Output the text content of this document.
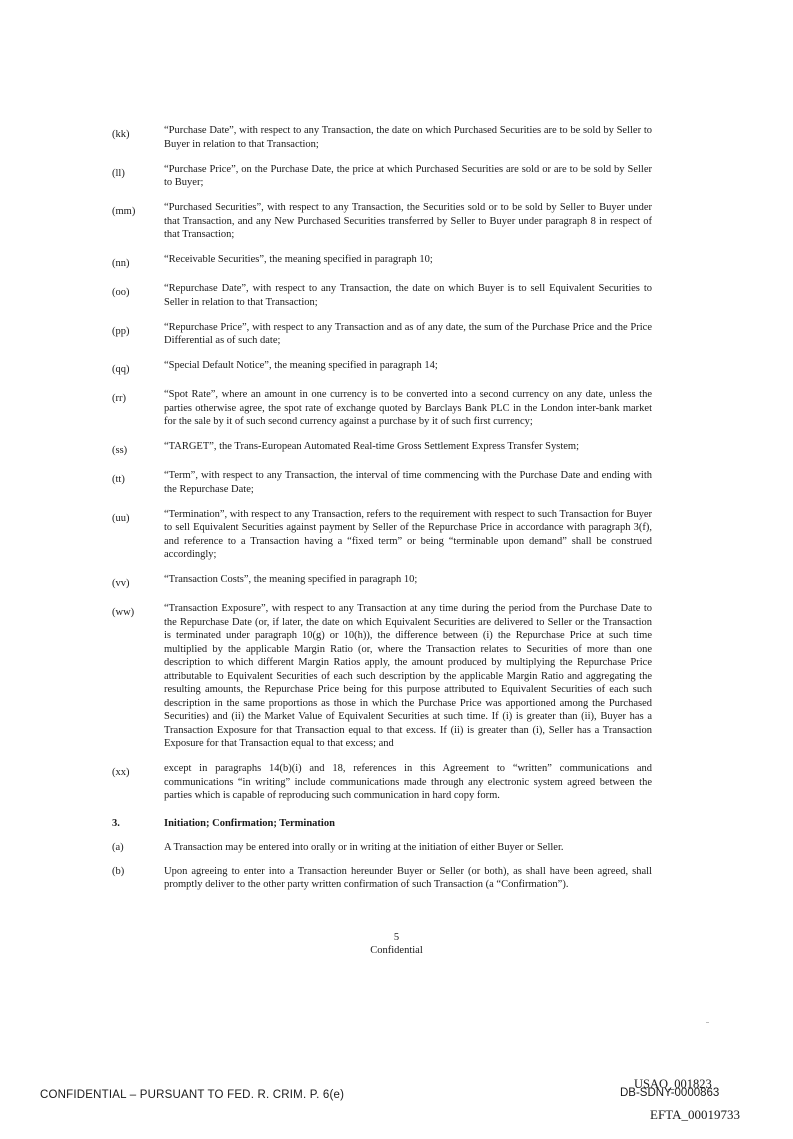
(kk)	“Purchase Date”, with respect to any Transaction, the date on which Purchased Securities are to be sold by Seller to Buyer in relation to that Transaction;
(ll)	“Purchase Price”, on the Purchase Date, the price at which Purchased Securities are sold or are to be sold by Seller to Buyer;
(mm)	“Purchased Securities”, with respect to any Transaction, the Securities sold or to be sold by Seller to Buyer under that Transaction, and any New Purchased Securities transferred by Seller to Buyer under paragraph 8 in respect of that Transaction;
(nn)	“Receivable Securities”, the meaning specified in paragraph 10;
(oo)	“Repurchase Date”, with respect to any Transaction, the date on which Buyer is to sell Equivalent Securities to Seller in relation to that Transaction;
(pp)	“Repurchase Price”, with respect to any Transaction and as of any date, the sum of the Purchase Price and the Price Differential as of such date;
(qq)	“Special Default Notice”, the meaning specified in paragraph 14;
(rr)	“Spot Rate”, where an amount in one currency is to be converted into a second currency on any date, unless the parties otherwise agree, the spot rate of exchange quoted by Barclays Bank PLC in the London inter-bank market for the sale by it of such second currency against a purchase by it of such first currency;
(ss)	“TARGET”, the Trans-European Automated Real-time Gross Settlement Express Transfer System;
(tt)	“Term”, with respect to any Transaction, the interval of time commencing with the Purchase Date and ending with the Repurchase Date;
(uu)	“Termination”, with respect to any Transaction, refers to the requirement with respect to such Transaction for Buyer to sell Equivalent Securities against payment by Seller of the Repurchase Price in accordance with paragraph 3(f), and reference to a Transaction having a “fixed term” or being “terminable upon demand” shall be construed accordingly;
(vv)	“Transaction Costs”, the meaning specified in paragraph 10;
(ww)	“Transaction Exposure”, with respect to any Transaction at any time during the period from the Purchase Date to the Repurchase Date (or, if later, the date on which Equivalent Securities are delivered to Seller or the Transaction is terminated under paragraph 10(g) or 10(h)), the difference between (i) the Repurchase Price at such time multiplied by the applicable Margin Ratio (or, where the Transaction relates to Securities of more than one description to which different Margin Ratios apply, the amount produced by multiplying the Repurchase Price attributable to Equivalent Securities of each such description by the applicable Margin Ratio and aggregating the resulting amounts, the Repurchase Price being for this purpose attributed to Equivalent Securities of each such description in the same proportions as those in which the Purchase Price was apportioned among the Purchased Securities) and (ii) the Market Value of Equivalent Securities at such time. If (i) is greater than (ii), Buyer has a Transaction Exposure for that Transaction equal to that excess. If (ii) is greater than (i), Seller has a Transaction Exposure for that Transaction equal to that excess; and
(xx)	except in paragraphs 14(b)(i) and 18, references in this Agreement to “written” communications and communications “in writing” include communications made through any electronic system agreed between the parties which is capable of reproducing such communication in hard copy form.
3.	Initiation; Confirmation; Termination
(a)	A Transaction may be entered into orally or in writing at the initiation of either Buyer or Seller.
(b)	Upon agreeing to enter into a Transaction hereunder Buyer or Seller (or both), as shall have been agreed, shall promptly deliver to the other party written confirmation of such Transaction (a “Confirmation”).
5
Confidential
CONFIDENTIAL – PURSUANT TO FED. R. CRIM. P. 6(e)
USAO_001823
DB-SDNY-0000863
EFTA_00019733
